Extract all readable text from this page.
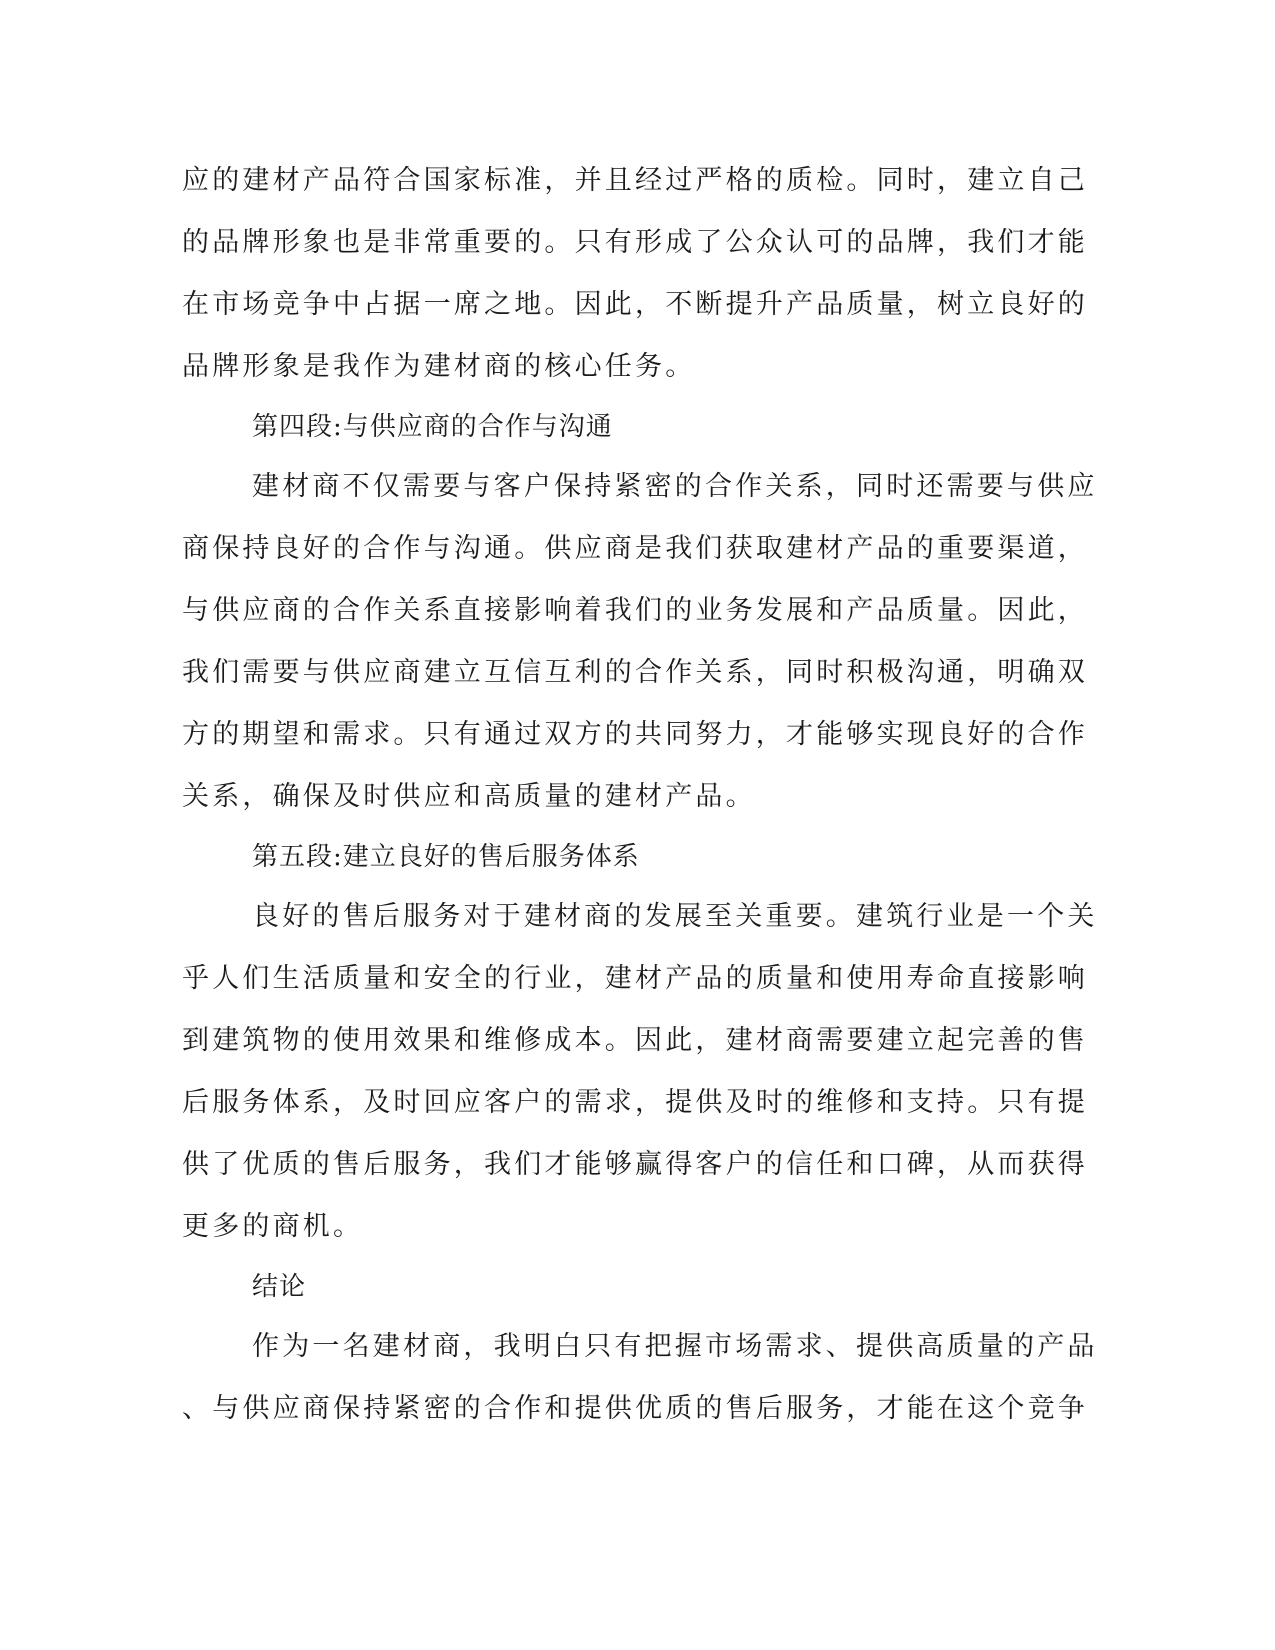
应的建材产品符合国家标准，并且经过严格的质检。同时，建立自己
的品牌形象也是非常重要的。只有形成了公众认可的品牌，我们才能
在市场竞争中占据一席之地。因此，不断提升产品质量，树立良好的
品牌形象是我作为建材商的核心任务。
第四段:与供应商的合作与沟通
建材商不仅需要与客户保持紧密的合作关系，同时还需要与供应
商保持良好的合作与沟通。供应商是我们获取建材产品的重要渠道，
与供应商的合作关系直接影响着我们的业务发展和产品质量。因此，
我们需要与供应商建立互信互利的合作关系，同时积极沟通，明确双
方的期望和需求。只有通过双方的共同努力，才能够实现良好的合作
关系，确保及时供应和高质量的建材产品。
第五段:建立良好的售后服务体系
良好的售后服务对于建材商的发展至关重要。建筑行业是一个关
乎人们生活质量和安全的行业，建材产品的质量和使用寿命直接影响
到建筑物的使用效果和维修成本。因此，建材商需要建立起完善的售
后服务体系，及时回应客户的需求，提供及时的维修和支持。只有提
供了优质的售后服务，我们才能够赢得客户的信任和口碑，从而获得
更多的商机。
结论
作为一名建材商，我明白只有把握市场需求、提供高质量的产品
、与供应商保持紧密的合作和提供优质的售后服务，才能在这个竞争
